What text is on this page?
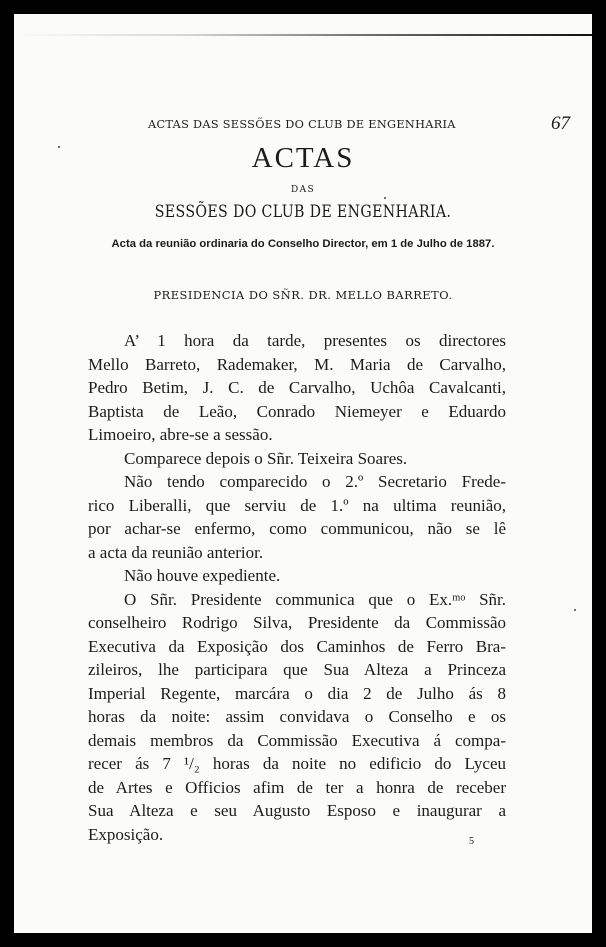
ACTAS DAS SESSÕES DO CLUB DE ENGENHARIA	67
ACTAS
DAS
SESSÕES DO CLUB DE ENGENHARIA.
Acta da reunião ordinaria do Conselho Director, em 1 de Julho de 1887.
PRESIDENCIA DO SÑR. DR. MELLO BARRETO.
A’ 1 hora da tarde, presentes os directores
Mello Barreto, Rademaker, M. Maria de Carvalho,
Pedro Betim, J. C. de Carvalho, Uchôa Cavalcanti,
Baptista de Leão, Conrado Niemeyer e Eduardo
Limoeiro, abre-se a sessão.
Comparece depois o Sñr. Teixeira Soares.
Não tendo comparecido o 2.º Secretario Frede-
rico Liberalli, que serviu de 1.º na ultima reunião,
por achar-se enfermo, como communicou, não se lê
a acta da reunião anterior.
Não houve expediente.
O Sñr. Presidente communica que o Ex.ᵐᵒ Sñr.
conselheiro Rodrigo Silva, Presidente da Commissão
Executiva da Exposição dos Caminhos de Ferro Bra-
zileiros, lhe participara que Sua Alteza a Princeza
Imperial Regente, marcára o dia 2 de Julho ás 8
horas da noite: assim convidava o Conselho e os
demais membros da Commissão Executiva á compa-
recer ás 7 ¹/₂ horas da noite no edificio do Lyceu
de Artes e Officios afim de ter a honra de receber
Sua Alteza e seu Augusto Esposo e inaugurar a
Exposição.	5
